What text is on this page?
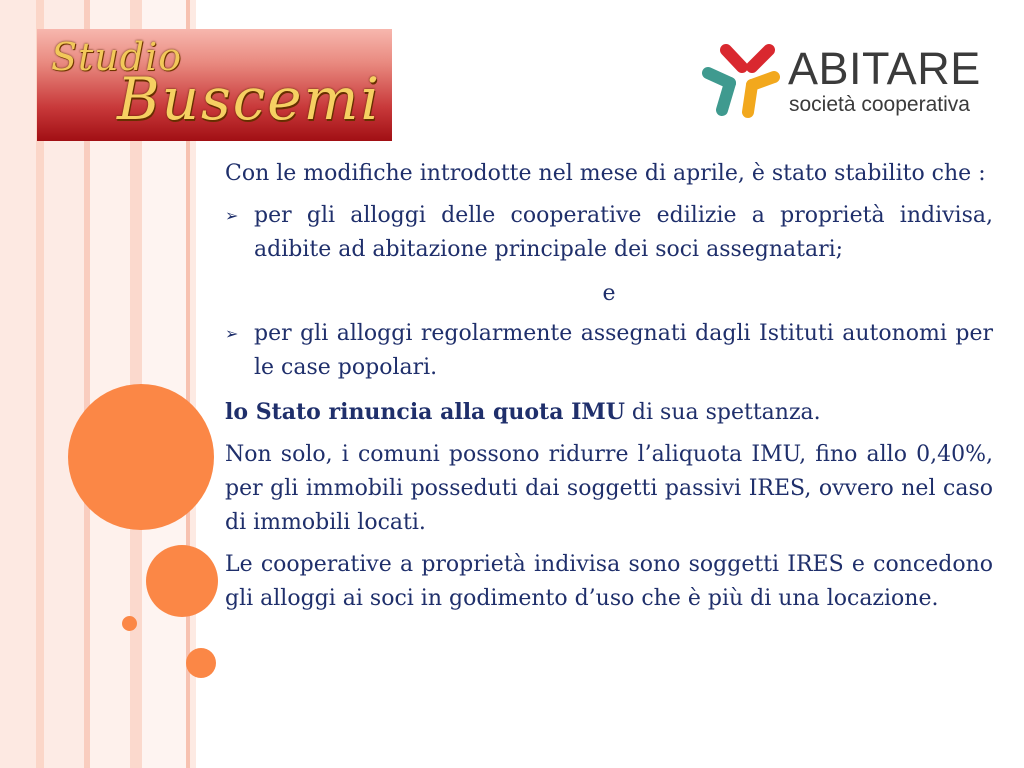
Studio
Buscemi	ABITARE
società cooperativa

Con le modifiche introdotte nel mese di aprile, è stato stabilito che :

➢ per gli alloggi delle cooperative edilizie a proprietà indivisa, adibite ad abitazione principale dei soci assegnatari;

e

➢ per gli alloggi regolarmente assegnati dagli Istituti autonomi per le case popolari.

lo Stato rinuncia alla quota IMU di sua spettanza.

Non solo, i comuni possono ridurre l’aliquota IMU, fino allo 0,40%, per gli immobili posseduti dai soggetti passivi IRES, ovvero nel caso di immobili locati.

Le cooperative a proprietà indivisa sono soggetti IRES e concedono gli alloggi ai soci in godimento d’uso che è più di una locazione.
